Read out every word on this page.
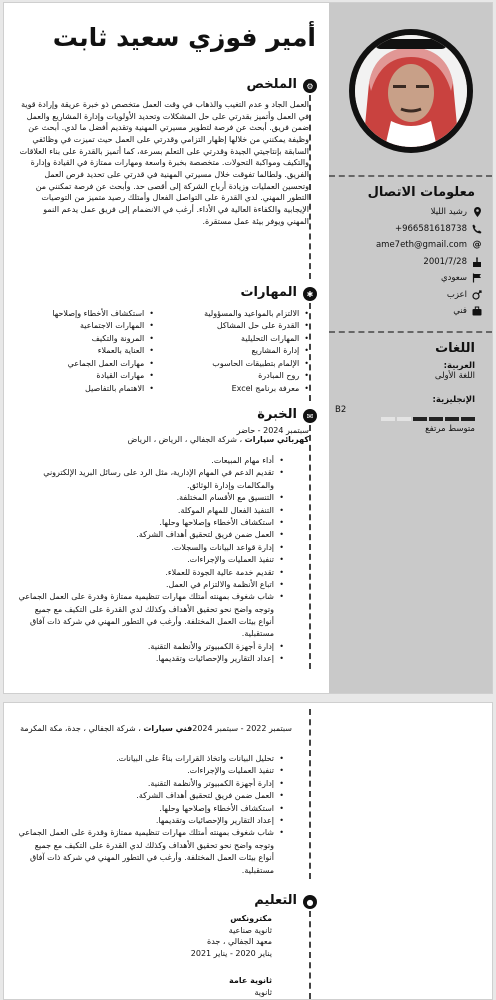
معلومات الاتصال
رشيد الليلا
+966581618738
@
ame7eth@gmail.com
2001/7/28
سعودي
اعزب
فني
اللغات
العربية:
اللغة الأولى
الإنجليزية:
B2
متوسط مرتفع
أمير فوزي سعيد ثابت
⚙
الملخص
العمل الجاد و عدم التغيب والذهاب في وقت العمل متخصص ذو خبرة عريقة وإرادة قوية في العمل وأتميز بقدرتي على حل المشكلات وتحديد الأولويات وإدارة المشاريع والعمل ضمن فريق. أبحث عن فرصة لتطوير مسيرتي المهنية وتقديم أفضل ما لدي. أبحث عن وظيفة يمكنني من خلالها إظهار التزامي وقدرتي على العمل حيث تميزت في وظائفي السابقة بإنتاجيتي الجيدة وقدرتي على التعلم بسرعة، كما أتميز بالقدرة على بناء العلاقات والتكيف ومواكبة التحولات. متخصصة بخبرة واسعة ومهارات ممتازة في القيادة وإدارة الفريق. ولطالما تفوقت خلال مسيرتي المهنية في قدرتي على تحديد فرص العمل وتحسين العمليات وزيادة أرباح الشركة إلى أقصى حد. وأبحث عن فرصة تمكنني من التطور المهني. لدي القدرة على التواصل الفعال وأمتلك رصيد متميز من التوصيات الإيجابية والكفاءة العالية في الأداء. أرغب في الانضمام إلى فريق عمل يدعم النمو المهني ويوفر بيئة عمل مستقرة.
✱
المهارات
• الالتزام بالمواعيد والمسؤولية
• القدرة على حل المشاكل
• المهارات التحليلية
• إدارة المشاريع
• الإلمام بتطبيقات الحاسوب
• روح المبادرة
• معرفة برنامج Excel
• استكشاف الأخطاء وإصلاحها
• المهارات الاجتماعية
• المرونة والتكيف
• العناية بالعملاء
• مهارات العمل الجماعي
• مهارات القيادة
• الاهتمام بالتفاصيل
✉
الخبرة
سبتمبر 2024 - حاضر
كهربائي سيارات ، شركة الجفالي ، الرياض ، الرياض
• أداء مهام المبيعات.
• تقديم الدعم في المهام الإدارية، مثل الرد على رسائل البريد الإلكتروني والمكالمات وإدارة الوثائق.
• التنسيق مع الأقسام المختلفة.
• التنفيذ الفعال للمهام الموكلة.
• استكشاف الأخطاء وإصلاحها وحلها.
• العمل ضمن فريق لتحقيق أهداف الشركة.
• إدارة قواعد البيانات والسجلات.
• تنفيذ العمليات والإجراءات.
• تقديم خدمة عالية الجودة للعملاء.
• اتباع الأنظمة والالتزام في العمل.
• شاب شغوف بمهنته أمتلك مهارات تنظيمية ممتازة وقدرة على العمل الجماعي وتوجه واضح نحو تحقيق الأهداف وكذلك لدي القدرة على التكيف مع جميع أنواع بيئات العمل المختلفة. وأرغب في التطور المهني في شركة ذات آفاق مستقبلية.
• إدارة أجهزة الكمبيوتر والأنظمة التقنية.
• إعداد التقارير والإحصائيات وتقديمها.
سبتمبر 2022 - سبتمبر 2024فني سيارات ، شركة الجفالي ، جدة، مكة المكرمة
• تحليل البيانات واتخاذ القرارات بناءً على البيانات.
• تنفيذ العمليات والإجراءات.
• إدارة أجهزة الكمبيوتر والأنظمة التقنية.
• العمل ضمن فريق لتحقيق أهداف الشركة.
• استكشاف الأخطاء وإصلاحها وحلها.
• إعداد التقارير والإحصائيات وتقديمها.
• شاب شغوف بمهنته أمتلك مهارات تنظيمية ممتازة وقدرة على العمل الجماعي وتوجه واضح نحو تحقيق الأهداف وكذلك لدي القدرة على التكيف مع جميع أنواع بيئات العمل المختلفة. وأرغب في التطور المهني في شركة ذات آفاق مستقبلية.
●
التعليم
مكترونكس
ثانوية صناعية
معهد الجفالي ، جدة
يناير 2020 - يناير 2021
ثانوية عامة
ثانوية
